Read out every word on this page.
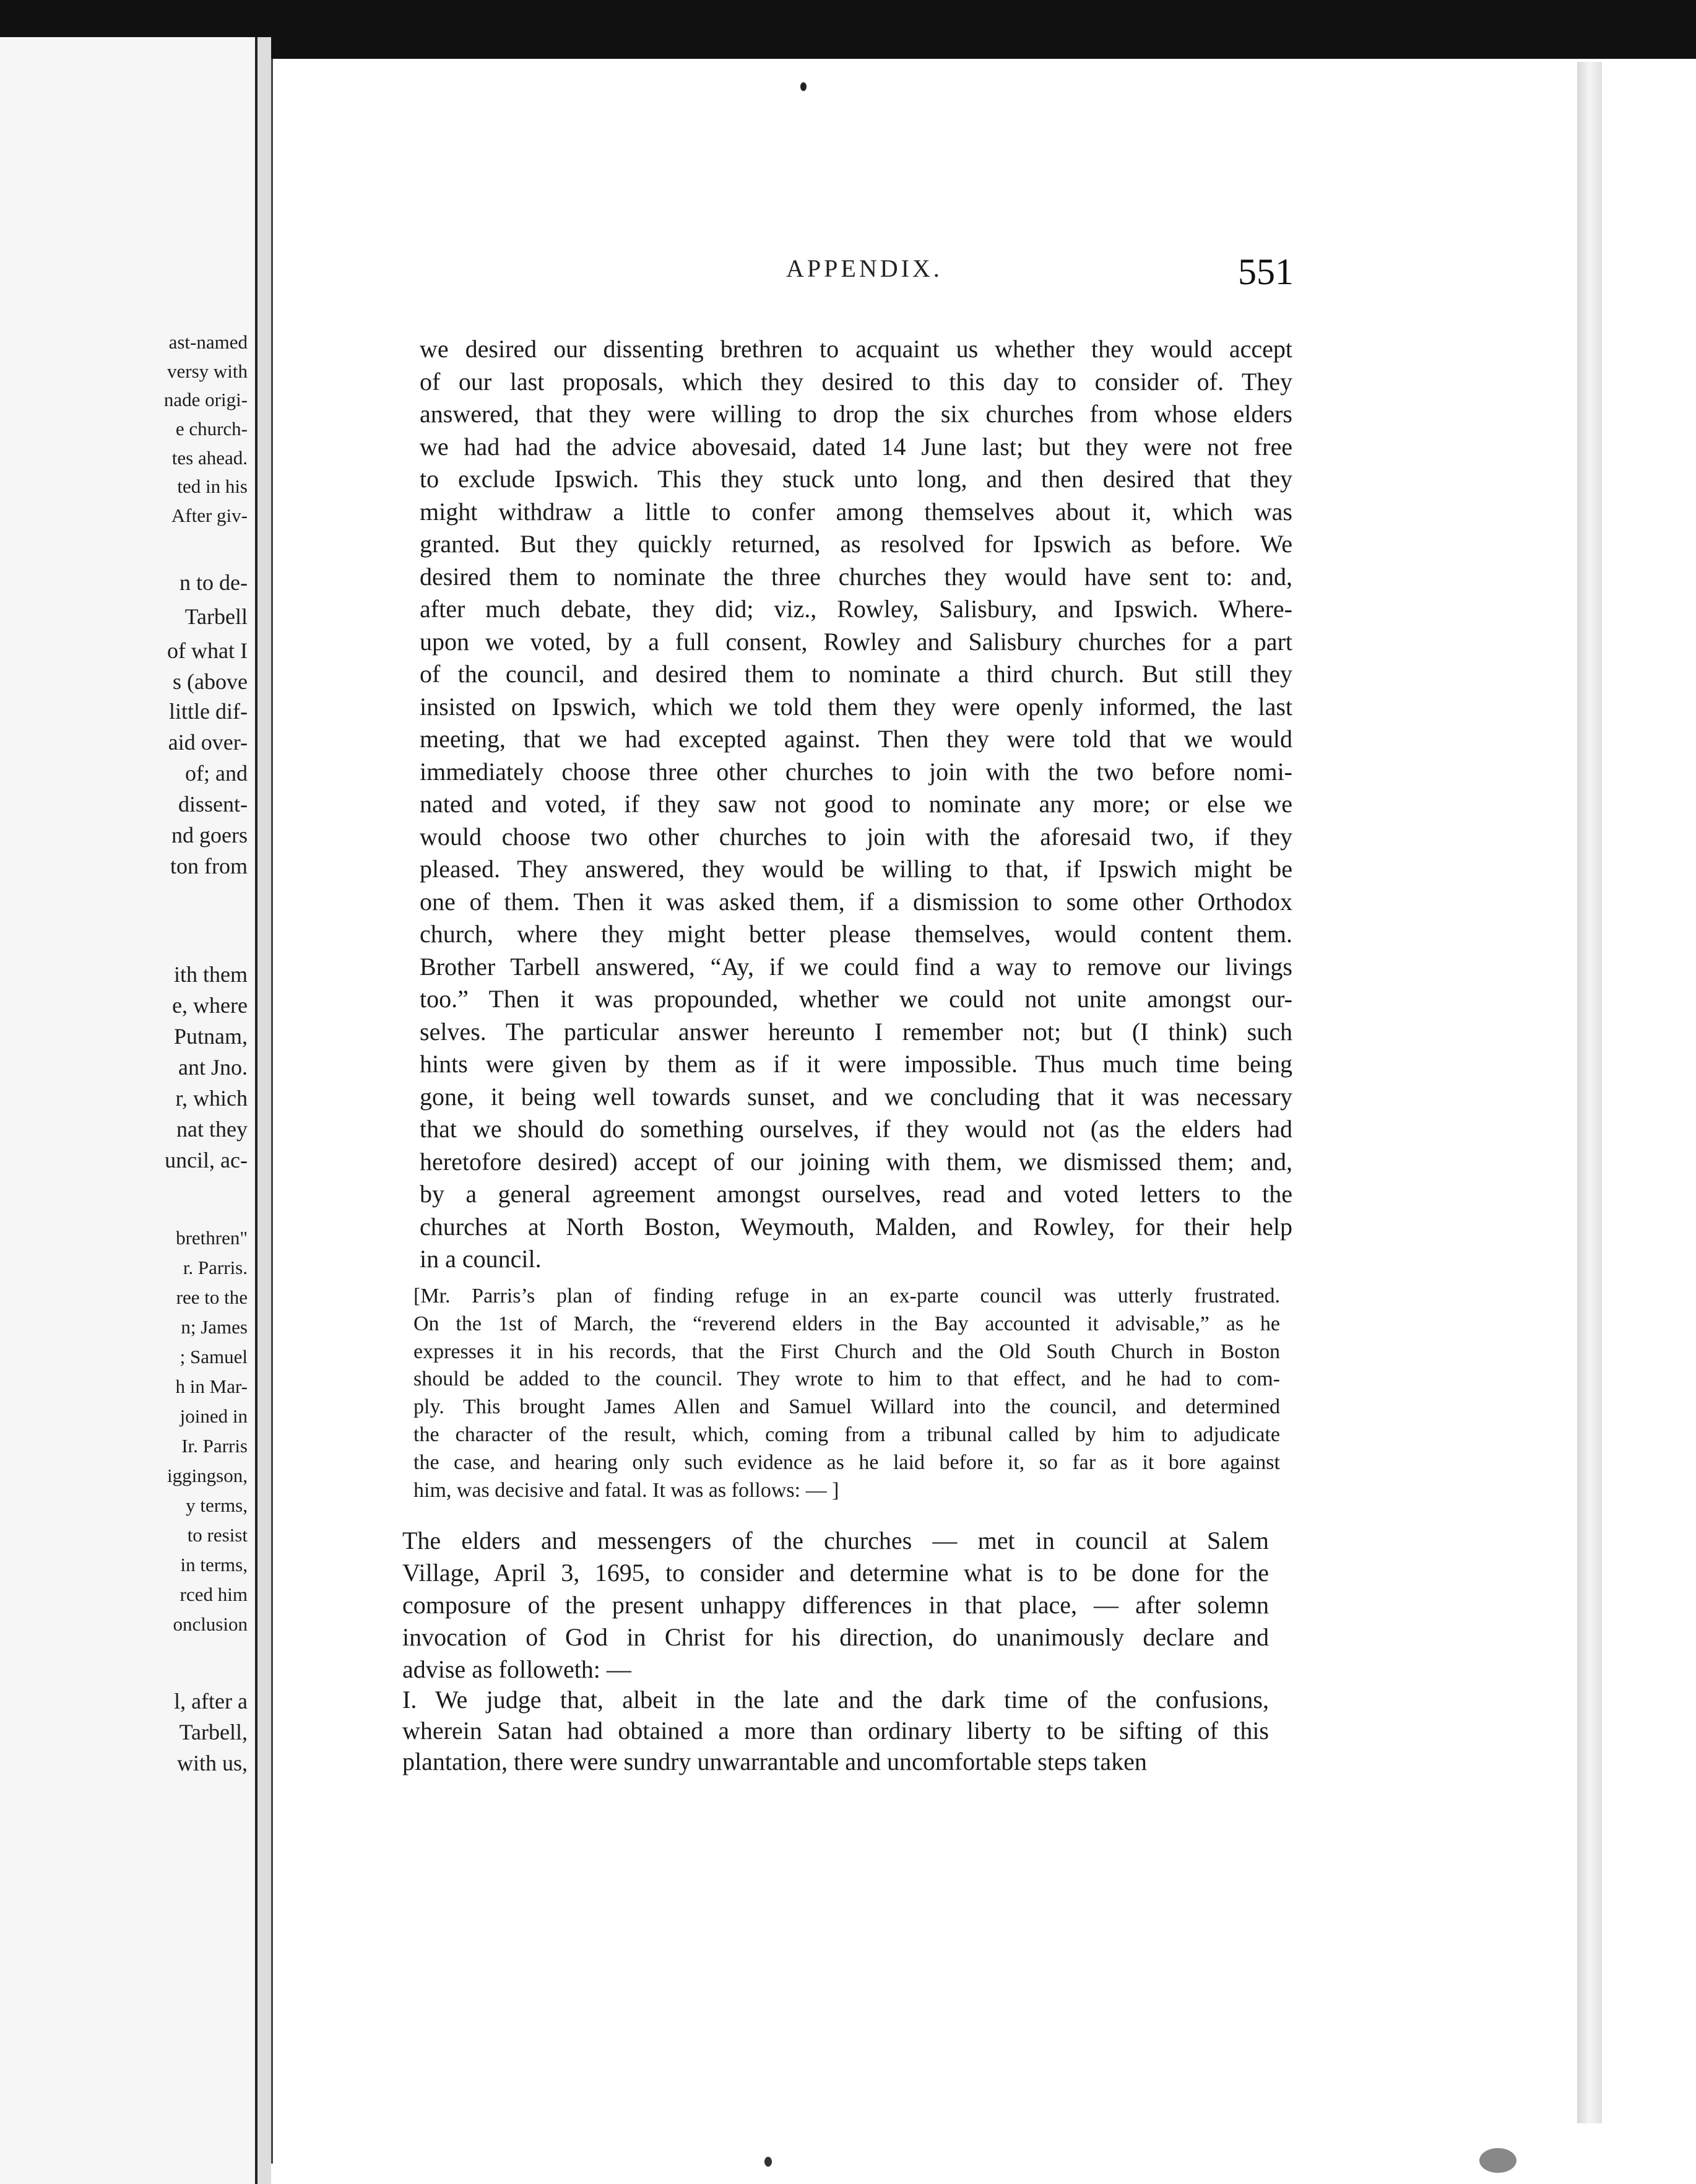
ast-named
versy with
nade origi-
e church-
tes ahead.
ted in his
After giv-
n to de-
Tarbell
of what I
s (above
little dif-
aid over-
of; and
dissent-
nd goers
ton from
ith them
e, where
Putnam,
ant Jno.
r, which
nat they
uncil, ac-
brethren"
r. Parris.
ree to the
n; James
; Samuel
h in Mar-
joined in
Ir. Parris
iggingson,
y terms,
to resist
in terms,
rced him
onclusion
l, after a
Tarbell,
with us,
APPENDIX.	551
we desired our dissenting brethren to acquaint us whether they would accept
of our last proposals, which they desired to this day to consider of. They
answered, that they were willing to drop the six churches from whose elders
we had had the advice abovesaid, dated 14 June last; but they were not free
to exclude Ipswich. This they stuck unto long, and then desired that they
might withdraw a little to confer among themselves about it, which was
granted. But they quickly returned, as resolved for Ipswich as before. We
desired them to nominate the three churches they would have sent to: and,
after much debate, they did; viz., Rowley, Salisbury, and Ipswich. Where-
upon we voted, by a full consent, Rowley and Salisbury churches for a part
of the council, and desired them to nominate a third church. But still they
insisted on Ipswich, which we told them they were openly informed, the last
meeting, that we had excepted against. Then they were told that we would
immediately choose three other churches to join with the two before nomi-
nated and voted, if they saw not good to nominate any more; or else we
would choose two other churches to join with the aforesaid two, if they
pleased. They answered, they would be willing to that, if Ipswich might be
one of them. Then it was asked them, if a dismission to some other Orthodox
church, where they might better please themselves, would content them.
Brother Tarbell answered, “Ay, if we could find a way to remove our livings
too.” Then it was propounded, whether we could not unite amongst our-
selves. The particular answer hereunto I remember not; but (I think) such
hints were given by them as if it were impossible. Thus much time being
gone, it being well towards sunset, and we concluding that it was necessary
that we should do something ourselves, if they would not (as the elders had
heretofore desired) accept of our joining with them, we dismissed them; and,
by a general agreement amongst ourselves, read and voted letters to the
churches at North Boston, Weymouth, Malden, and Rowley, for their help
in a council.
[Mr. Parris’s plan of finding refuge in an ex-parte council was utterly frustrated.
On the 1st of March, the “reverend elders in the Bay accounted it advisable,” as he
expresses it in his records, that the First Church and the Old South Church in Boston
should be added to the council. They wrote to him to that effect, and he had to com-
ply. This brought James Allen and Samuel Willard into the council, and determined
the character of the result, which, coming from a tribunal called by him to adjudicate
the case, and hearing only such evidence as he laid before it, so far as it bore against
him, was decisive and fatal. It was as follows: — ]
The elders and messengers of the churches — met in council at Salem
Village, April 3, 1695, to consider and determine what is to be done for the
composure of the present unhappy differences in that place, — after solemn
invocation of God in Christ for his direction, do unanimously declare and
advise as followeth: —
I. We judge that, albeit in the late and the dark time of the confusions,
wherein Satan had obtained a more than ordinary liberty to be sifting of this
plantation, there were sundry unwarrantable and uncomfortable steps taken
